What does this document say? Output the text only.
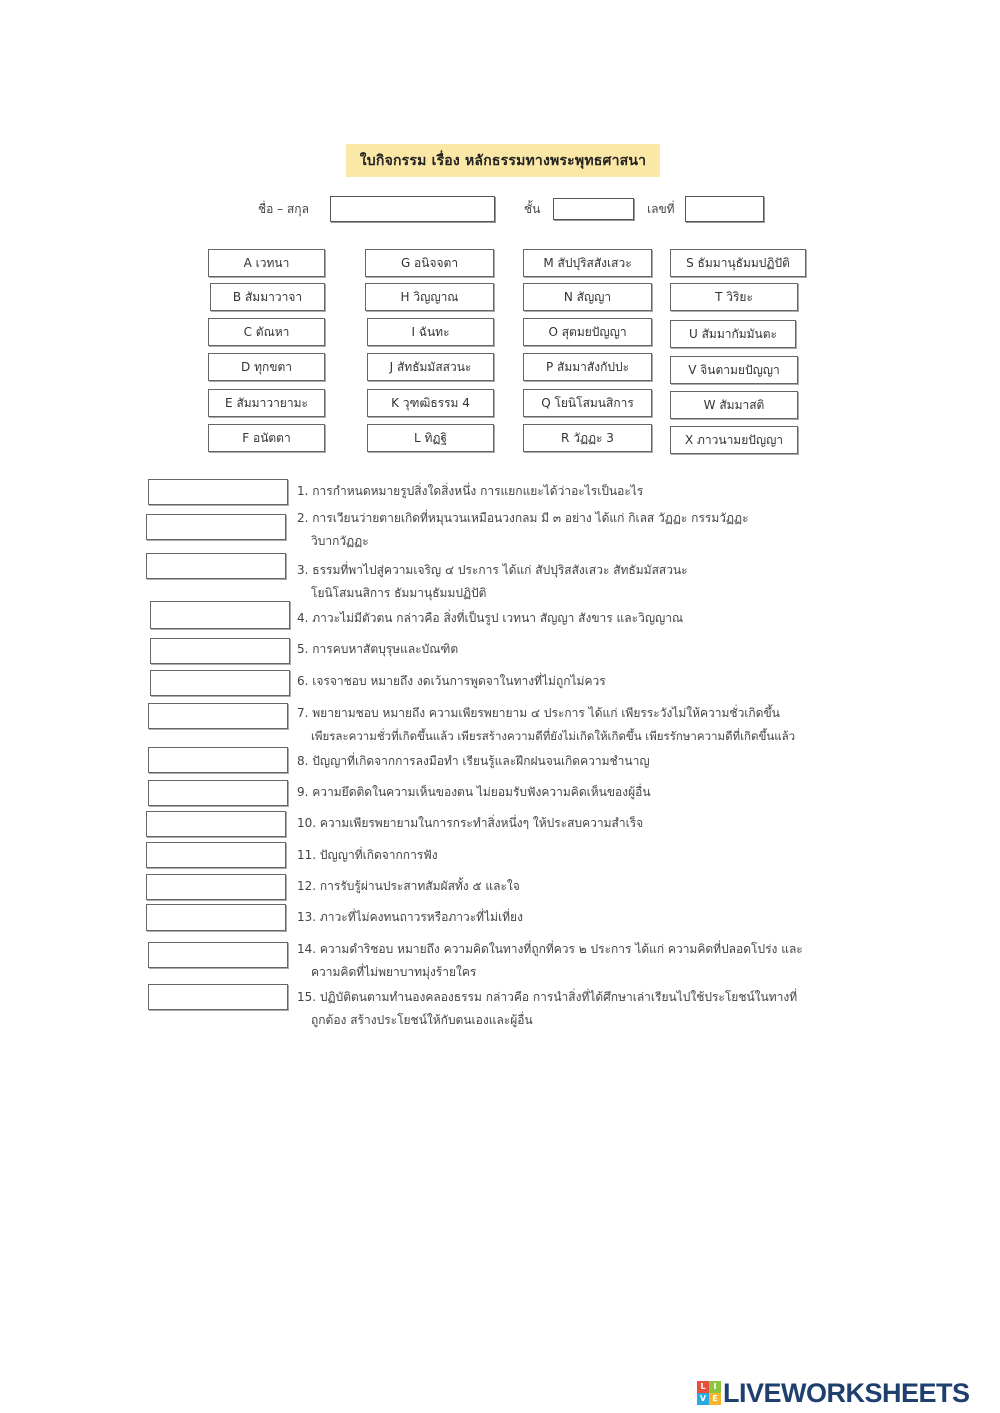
ใบกิจกรรม เรื่อง หลักธรรมทางพระพุทธศาสนา
ชื่อ – สกุล	ชั้น	เลขที่
A เวทนา	G อนิจจตา	M สัปปุริสสังเสวะ	S ธัมมานุธัมมปฏิปัติ
B สัมมาวาจา	H วิญญาณ	N สัญญา	T วิริยะ
C ตัณหา	I ฉันทะ	O สุตมยปัญญา	U สัมมากัมมันตะ
D ทุกขตา	J สัทธัมมัสสวนะ	P สัมมาสังกัปปะ	V จินตามยปัญญา
E สัมมาวายามะ	K วุฑฒิธรรม 4	Q โยนิโสมนสิการ	W สัมมาสติ
F อนัตตา	L ทิฏฐิ	R วัฏฏะ 3	X ภาวนามยปัญญา
1. การกำหนดหมายรูปสิ่งใดสิ่งหนึ่ง การแยกแยะได้ว่าอะไรเป็นอะไร
2. การเวียนว่ายตายเกิดที่หมุนวนเหมือนวงกลม มี ๓ อย่าง ได้แก่ กิเลส วัฏฏะ กรรมวัฏฏะ
วิบากวัฏฏะ
3. ธรรมที่พาไปสู่ความเจริญ ๔ ประการ ได้แก่ สัปปุริสสังเสวะ สัทธัมมัสสวนะ
โยนิโสมนสิการ ธัมมานุธัมมปฏิปัติ
4. ภาวะไม่มีตัวตน กล่าวคือ สิ่งที่เป็นรูป เวทนา สัญญา สังขาร และวิญญาณ
5. การคบหาสัตบุรุษและบัณฑิต
6. เจรจาชอบ หมายถึง งดเว้นการพูดจาในทางที่ไม่ถูกไม่ควร
7. พยายามชอบ หมายถึง ความเพียรพยายาม ๔ ประการ ได้แก่ เพียรระวังไม่ให้ความชั่วเกิดขึ้น
เพียรละความชั่วที่เกิดขึ้นแล้ว เพียรสร้างความดีที่ยังไม่เกิดให้เกิดขึ้น เพียรรักษาความดีที่เกิดขึ้นแล้ว
8. ปัญญาที่เกิดจากการลงมือทำ เรียนรู้และฝึกฝนจนเกิดความชำนาญ
9. ความยึดติดในความเห็นของตน ไม่ยอมรับฟังความคิดเห็นของผู้อื่น
10. ความเพียรพยายามในการกระทำสิ่งหนึ่งๆ ให้ประสบความสำเร็จ
11. ปัญญาที่เกิดจากการฟัง
12. การรับรู้ผ่านประสาทสัมผัสทั้ง ๕ และใจ
13. ภาวะที่ไม่คงทนถาวรหรือภาวะที่ไม่เที่ยง
14. ความดำริชอบ หมายถึง ความคิดในทางที่ถูกที่ควร ๒ ประการ ได้แก่ ความคิดที่ปลอดโปร่ง และ
ความคิดที่ไม่พยาบาทมุ่งร้ายใคร
15. ปฏิบัติตนตามทำนองคลองธรรม กล่าวคือ การนำสิ่งที่ได้ศึกษาเล่าเรียนไปใช้ประโยชน์ในทางที่
ถูกต้อง สร้างประโยชน์ให้กับตนเองและผู้อื่น
L I
V E LIVEWORKSHEETS
